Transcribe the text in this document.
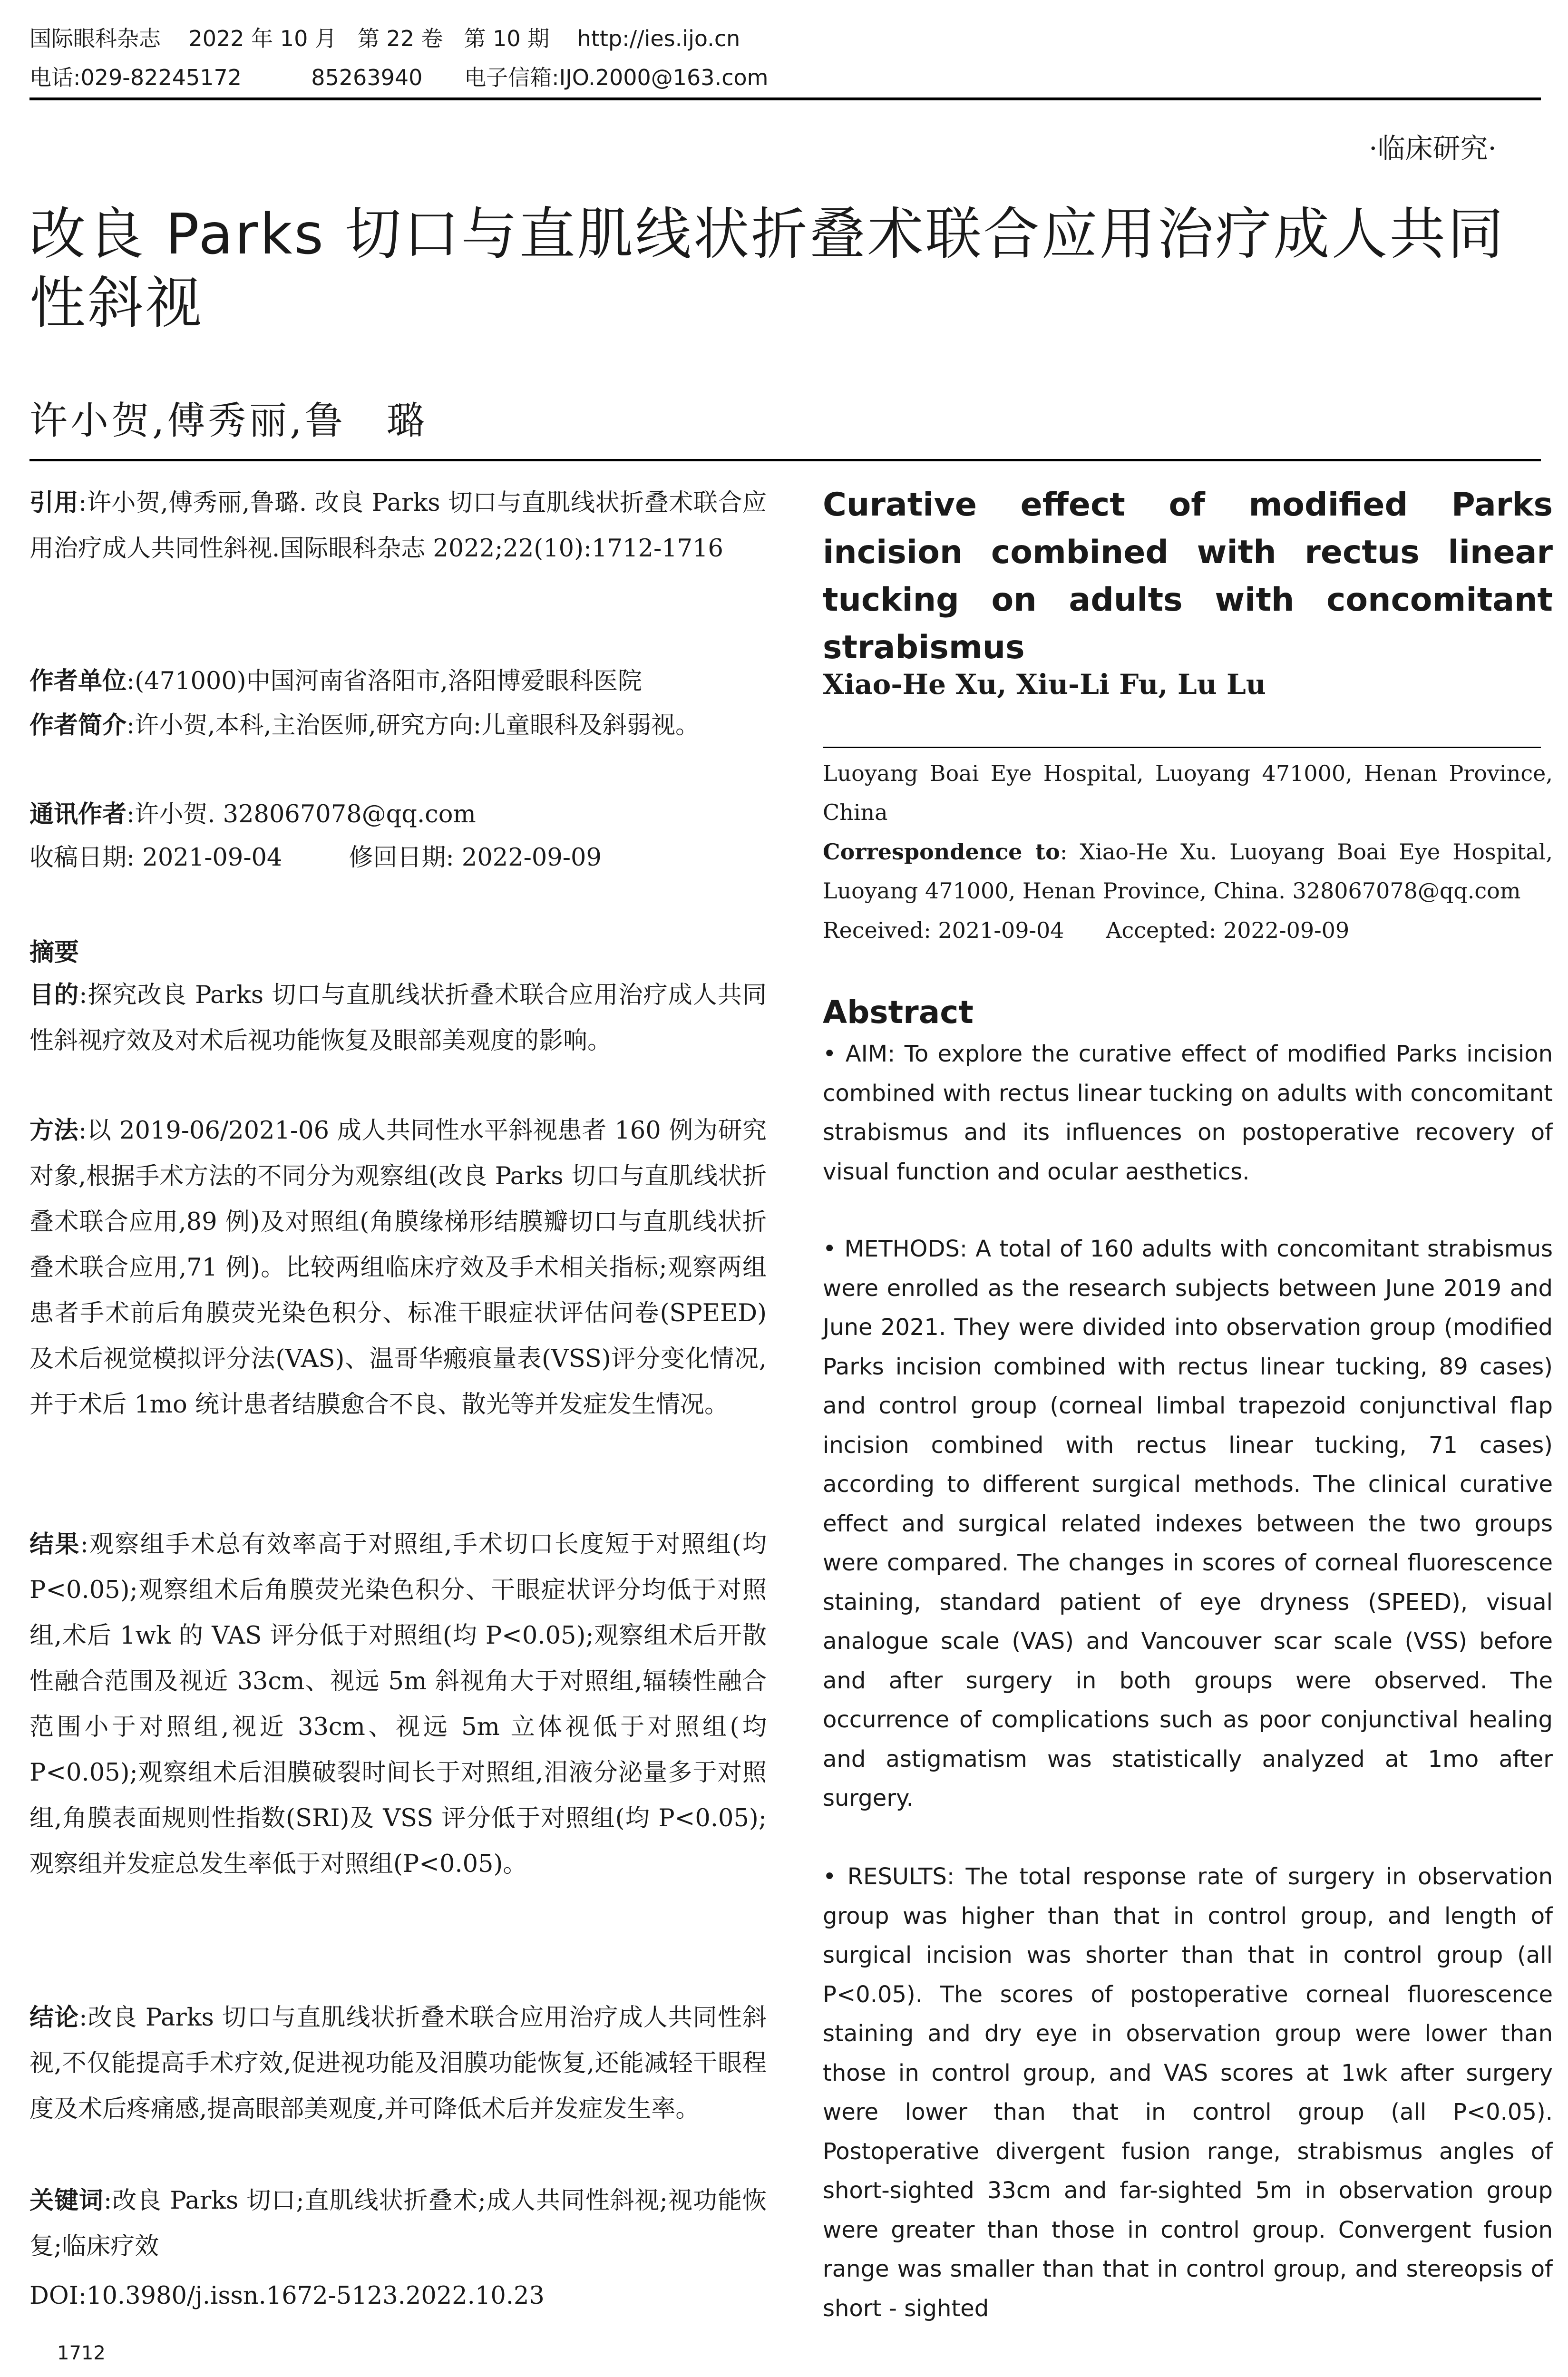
国际眼科杂志    2022 年 10 月   第 22 卷   第 10 期    http://ies.ijo.cn
电话:029-82245172          85263940      电子信箱:IJO.2000@163.com
·临床研究·
改良 Parks 切口与直肌线状折叠术联合应用治疗成人共同性斜视
许小贺,傅秀丽,鲁　璐
引用:许小贺,傅秀丽,鲁璐. 改良 Parks 切口与直肌线状折叠术联合应用治疗成人共同性斜视.国际眼科杂志 2022;22(10):1712-1716
作者单位:(471000)中国河南省洛阳市,洛阳博爱眼科医院
作者简介:许小贺,本科,主治医师,研究方向:儿童眼科及斜弱视。
通讯作者:许小贺. 328067078@qq.com
收稿日期: 2021-09-04	修回日期: 2022-09-09
摘要
目的:探究改良 Parks 切口与直肌线状折叠术联合应用治疗成人共同性斜视疗效及对术后视功能恢复及眼部美观度的影响。
方法:以 2019-06/2021-06 成人共同性水平斜视患者 160 例为研究对象,根据手术方法的不同分为观察组(改良 Parks 切口与直肌线状折叠术联合应用,89 例)及对照组(角膜缘梯形结膜瓣切口与直肌线状折叠术联合应用,71 例)。比较两组临床疗效及手术相关指标;观察两组患者手术前后角膜荧光染色积分、标准干眼症状评估问卷(SPEED)及术后视觉模拟评分法(VAS)、温哥华瘢痕量表(VSS)评分变化情况,并于术后 1mo 统计患者结膜愈合不良、散光等并发症发生情况。
结果:观察组手术总有效率高于对照组,手术切口长度短于对照组(均 P<0.05);观察组术后角膜荧光染色积分、干眼症状评分均低于对照组,术后 1wk 的 VAS 评分低于对照组(均 P<0.05);观察组术后开散性融合范围及视近 33cm、视远 5m 斜视角大于对照组,辐辏性融合范围小于对照组,视近 33cm、视远 5m 立体视低于对照组(均 P<0.05);观察组术后泪膜破裂时间长于对照组,泪液分泌量多于对照组,角膜表面规则性指数(SRI)及 VSS 评分低于对照组(均 P<0.05);观察组并发症总发生率低于对照组(P<0.05)。
结论:改良 Parks 切口与直肌线状折叠术联合应用治疗成人共同性斜视,不仅能提高手术疗效,促进视功能及泪膜功能恢复,还能减轻干眼程度及术后疼痛感,提高眼部美观度,并可降低术后并发症发生率。
关键词:改良 Parks 切口;直肌线状折叠术;成人共同性斜视;视功能恢复;临床疗效
DOI:10.3980/j.issn.1672-5123.2022.10.23
Curative effect of modified Parks incision combined with rectus linear tucking on adults with concomitant strabismus
Xiao-He Xu, Xiu-Li Fu, Lu Lu
Luoyang Boai Eye Hospital, Luoyang 471000, Henan Province, China
Correspondence to: Xiao-He Xu. Luoyang Boai Eye Hospital, Luoyang 471000, Henan Province, China. 328067078@qq.com
Received: 2021-09-04      Accepted: 2022-09-09
Abstract
• AIM: To explore the curative effect of modified Parks incision combined with rectus linear tucking on adults with concomitant strabismus and its influences on postoperative recovery of visual function and ocular aesthetics.
• METHODS: A total of 160 adults with concomitant strabismus were enrolled as the research subjects between June 2019 and June 2021. They were divided into observation group (modified Parks incision combined with rectus linear tucking, 89 cases) and control group (corneal limbal trapezoid conjunctival flap incision combined with rectus linear tucking, 71 cases) according to different surgical methods. The clinical curative effect and surgical related indexes between the two groups were compared. The changes in scores of corneal fluorescence staining, standard patient of eye dryness (SPEED), visual analogue scale (VAS) and Vancouver scar scale (VSS) before and after surgery in both groups were observed. The occurrence of complications such as poor conjunctival healing and astigmatism was statistically analyzed at 1mo after surgery.
• RESULTS: The total response rate of surgery in observation group was higher than that in control group, and length of surgical incision was shorter than that in control group (all P<0.05). The scores of postoperative corneal fluorescence staining and dry eye in observation group were lower than those in control group, and VAS scores at 1wk after surgery were lower than that in control group (all P<0.05). Postoperative divergent fusion range, strabismus angles of short-sighted 33cm and far-sighted 5m in observation group were greater than those in control group. Convergent fusion range was smaller than that in control group, and stereopsis of short - sighted
1712
